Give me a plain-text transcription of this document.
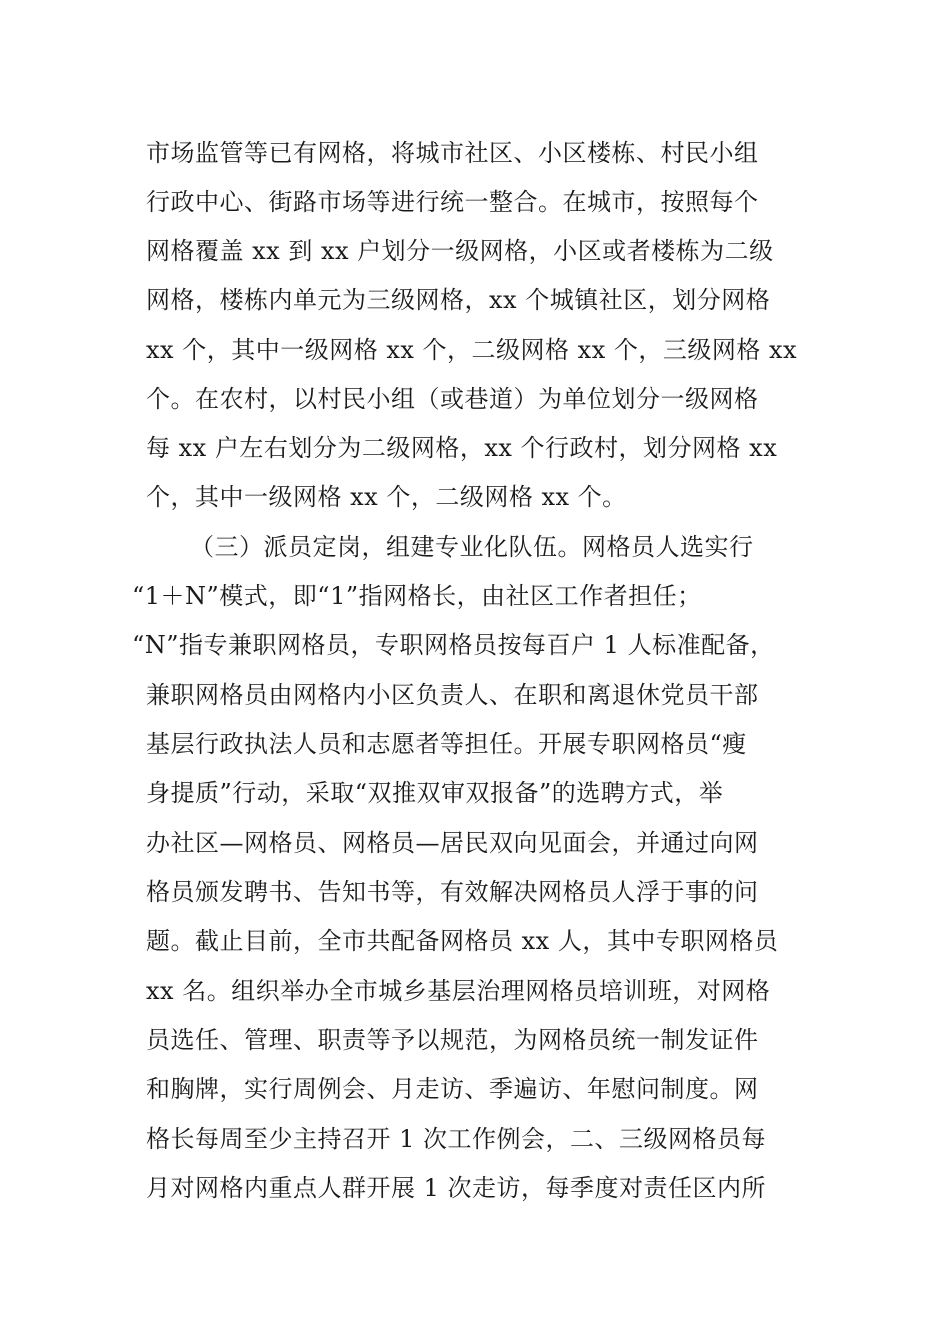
市场监管等已有网格，将城市社区、小区楼栋、村民小组
行政中心、街路市场等进行统一整合。在城市，按照每个
网格覆盖 xx 到 xx 户划分一级网格，小区或者楼栋为二级
网格，楼栋内单元为三级网格，xx 个城镇社区，划分网格
xx 个，其中一级网格 xx 个，二级网格 xx 个，三级网格 xx
个。在农村，以村民小组（或巷道）为单位划分一级网格
每 xx 户左右划分为二级网格，xx 个行政村，划分网格 xx
个，其中一级网格 xx 个，二级网格 xx 个。
（三）派员定岗，组建专业化队伍。网格员人选实行
“1＋N”模式，即“1”指网格长，由社区工作者担任；
“N”指专兼职网格员，专职网格员按每百户 1 人标准配备，
兼职网格员由网格内小区负责人、在职和离退休党员干部
基层行政执法人员和志愿者等担任。开展专职网格员“瘦
身提质”行动，采取“双推双审双报备”的选聘方式，举
办社区—网格员、网格员—居民双向见面会，并通过向网
格员颁发聘书、告知书等，有效解决网格员人浮于事的问
题。截止目前，全市共配备网格员 xx 人，其中专职网格员
xx 名。组织举办全市城乡基层治理网格员培训班，对网格
员选任、管理、职责等予以规范，为网格员统一制发证件
和胸牌，实行周例会、月走访、季遍访、年慰问制度。网
格长每周至少主持召开 1 次工作例会，二、三级网格员每
月对网格内重点人群开展 1 次走访，每季度对责任区内所
